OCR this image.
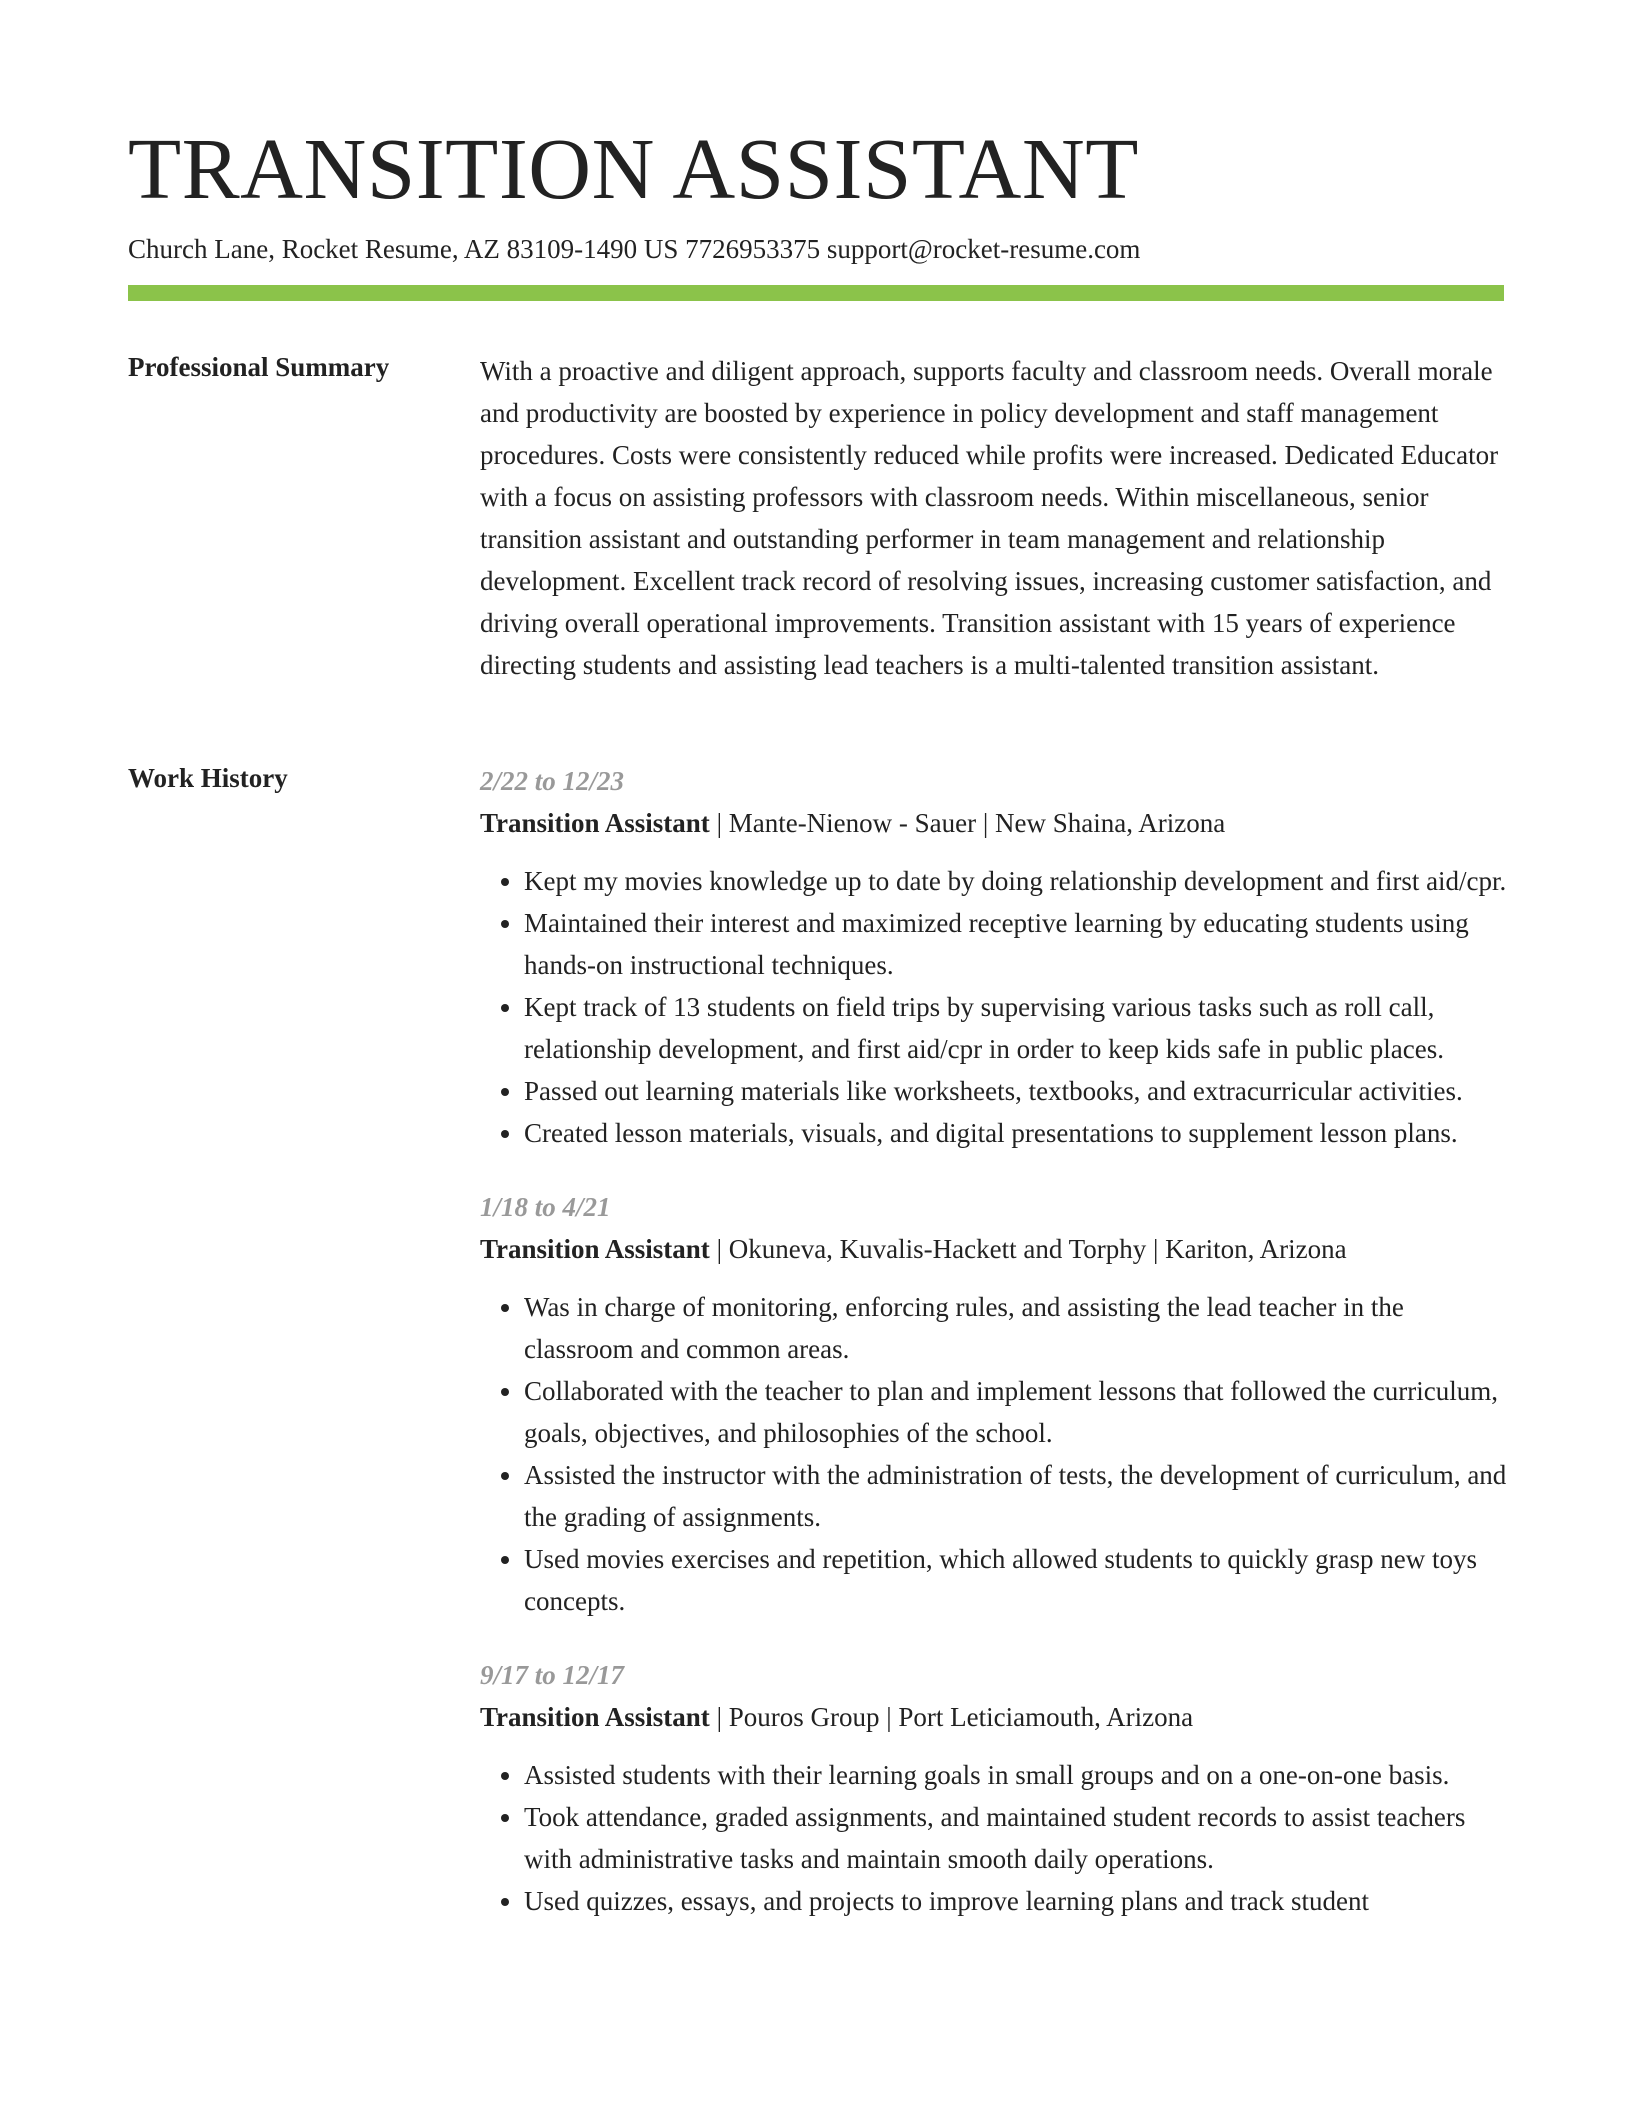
TRANSITION ASSISTANT

Church Lane, Rocket Resume, AZ 83109-1490 US 7726953375 support@rocket-resume.com

Professional Summary	With a proactive and diligent approach, supports faculty and classroom needs. Overall morale and productivity are boosted by experience in policy development and staff management procedures. Costs were consistently reduced while profits were increased. Dedicated Educator with a focus on assisting professors with classroom needs. Within miscellaneous, senior transition assistant and outstanding performer in team management and relationship development. Excellent track record of resolving issues, increasing customer satisfaction, and driving overall operational improvements. Transition assistant with 15 years of experience directing students and assisting lead teachers is a multi-talented transition assistant.

Work History	2/22 to 12/23

Transition Assistant | Mante-Nienow - Sauer | New Shaina, Arizona

• Kept my movies knowledge up to date by doing relationship development and first aid/cpr.
• Maintained their interest and maximized receptive learning by educating students using hands-on instructional techniques.
• Kept track of 13 students on field trips by supervising various tasks such as roll call, relationship development, and first aid/cpr in order to keep kids safe in public places.
• Passed out learning materials like worksheets, textbooks, and extracurricular activities.
• Created lesson materials, visuals, and digital presentations to supplement lesson plans.

1/18 to 4/21

Transition Assistant | Okuneva, Kuvalis-Hackett and Torphy | Kariton, Arizona

• Was in charge of monitoring, enforcing rules, and assisting the lead teacher in the classroom and common areas.
• Collaborated with the teacher to plan and implement lessons that followed the curriculum, goals, objectives, and philosophies of the school.
• Assisted the instructor with the administration of tests, the development of curriculum, and the grading of assignments.
• Used movies exercises and repetition, which allowed students to quickly grasp new toys concepts.

9/17 to 12/17

Transition Assistant | Pouros Group | Port Leticiamouth, Arizona

• Assisted students with their learning goals in small groups and on a one-on-one basis.
• Took attendance, graded assignments, and maintained student records to assist teachers with administrative tasks and maintain smooth daily operations.
• Used quizzes, essays, and projects to improve learning plans and track student
